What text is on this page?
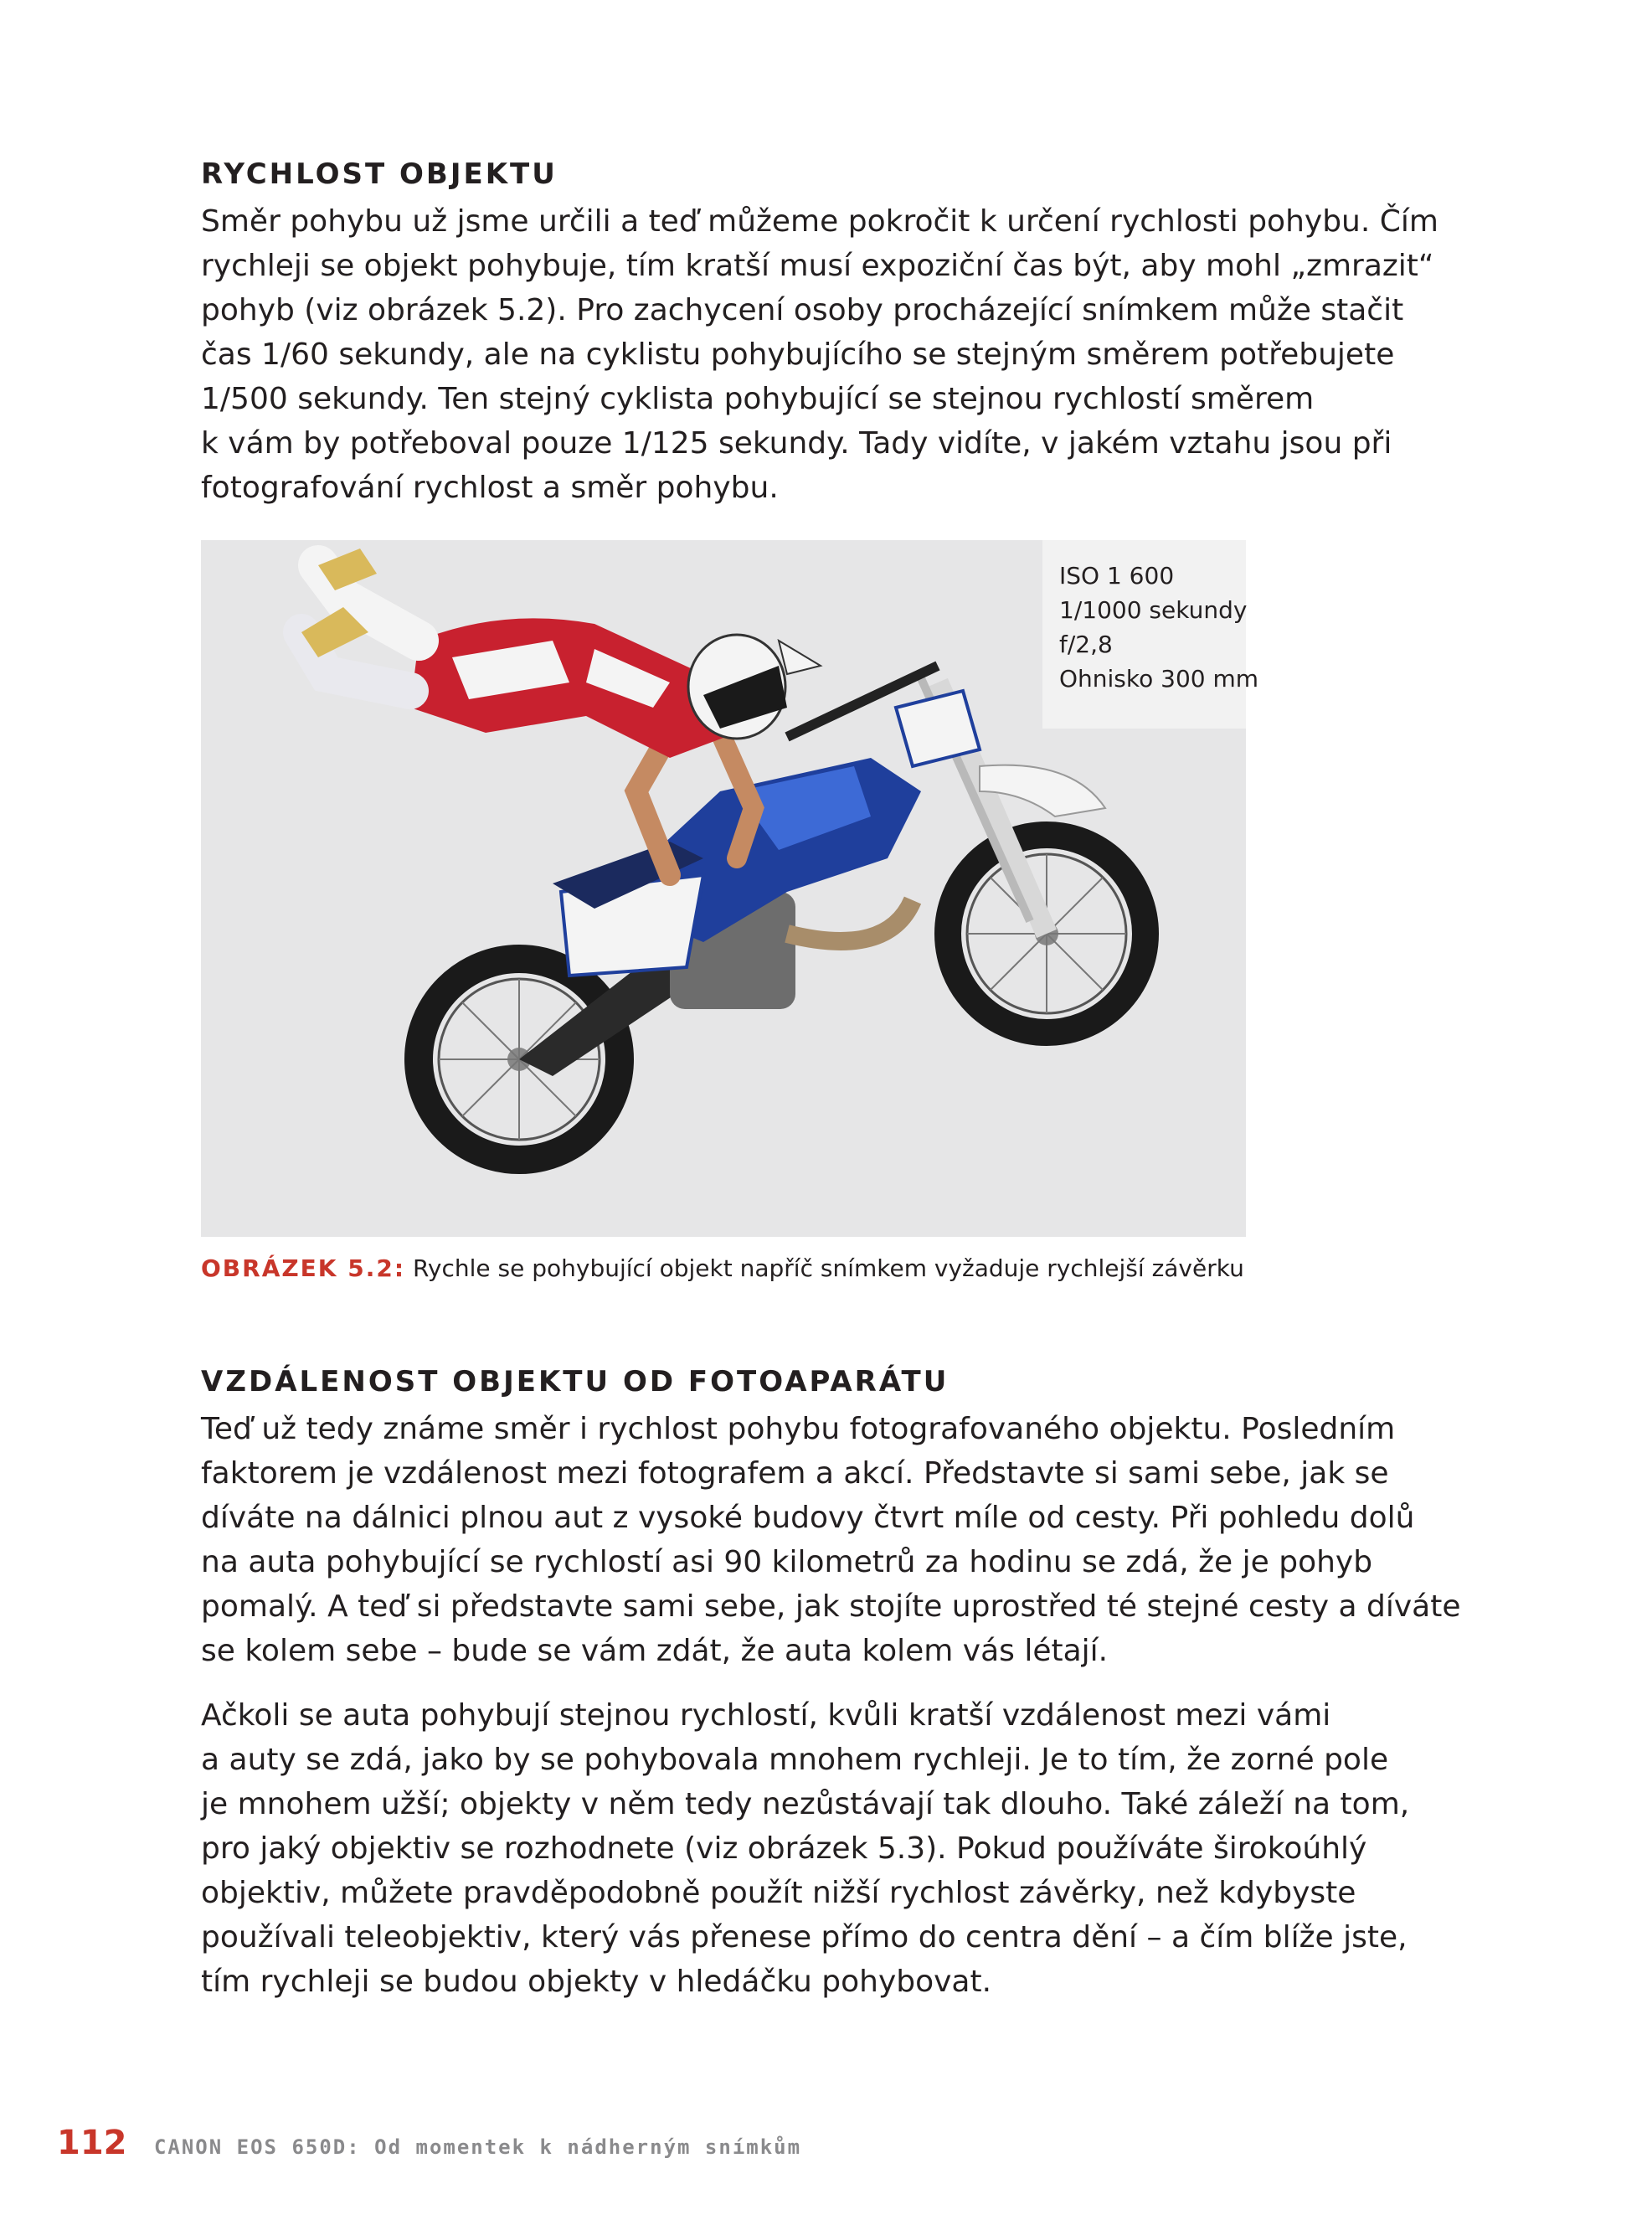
RYCHLOST OBJEKTU

Směr pohybu už jsme určili a teď můžeme pokročit k určení rychlosti pohybu. Čím
rychleji se objekt pohybuje, tím kratší musí expoziční čas být, aby mohl „zmrazit“
pohyb (viz obrázek 5.2). Pro zachycení osoby procházející snímkem může stačit
čas 1/60 sekundy, ale na cyklistu pohybujícího se stejným směrem potřebujete
1/500 sekundy. Ten stejný cyklista pohybující se stejnou rychlostí směrem
k vám by potřeboval pouze 1/125 sekundy. Tady vidíte, v jakém vztahu jsou při
fotografování rychlost a směr pohybu.

ISO 1 600
1/1000 sekundy
f/2,8
Ohnisko 300 mm
OBRÁZEK 5.2: Rychle se pohybující objekt napříč snímkem vyžaduje rychlejší závěrku
VZDÁLENOST OBJEKTU OD FOTOAPARÁTU

Teď už tedy známe směr i rychlost pohybu fotografovaného objektu. Posledním
faktorem je vzdálenost mezi fotografem a akcí. Představte si sami sebe, jak se
díváte na dálnici plnou aut z vysoké budovy čtvrt míle od cesty. Při pohledu dolů
na auta pohybující se rychlostí asi 90 kilometrů za hodinu se zdá, že je pohyb
pomalý. A teď si představte sami sebe, jak stojíte uprostřed té stejné cesty a díváte
se kolem sebe – bude se vám zdát, že auta kolem vás létají.

Ačkoli se auta pohybují stejnou rychlostí, kvůli kratší vzdálenost mezi vámi
a auty se zdá, jako by se pohybovala mnohem rychleji. Je to tím, že zorné pole
je mnohem užší; objekty v něm tedy nezůstávají tak dlouho. Také záleží na tom,
pro jaký objektiv se rozhodnete (viz obrázek 5.3). Pokud používáte širokoúhlý
objektiv, můžete pravděpodobně použít nižší rychlost závěrky, než kdybyste
používali teleobjektiv, který vás přenese přímo do centra dění – a čím blíže jste,
tím rychleji se budou objekty v hledáčku pohybovat.

112 CANON EOS 650D: Od momentek k nádherným snímkům
